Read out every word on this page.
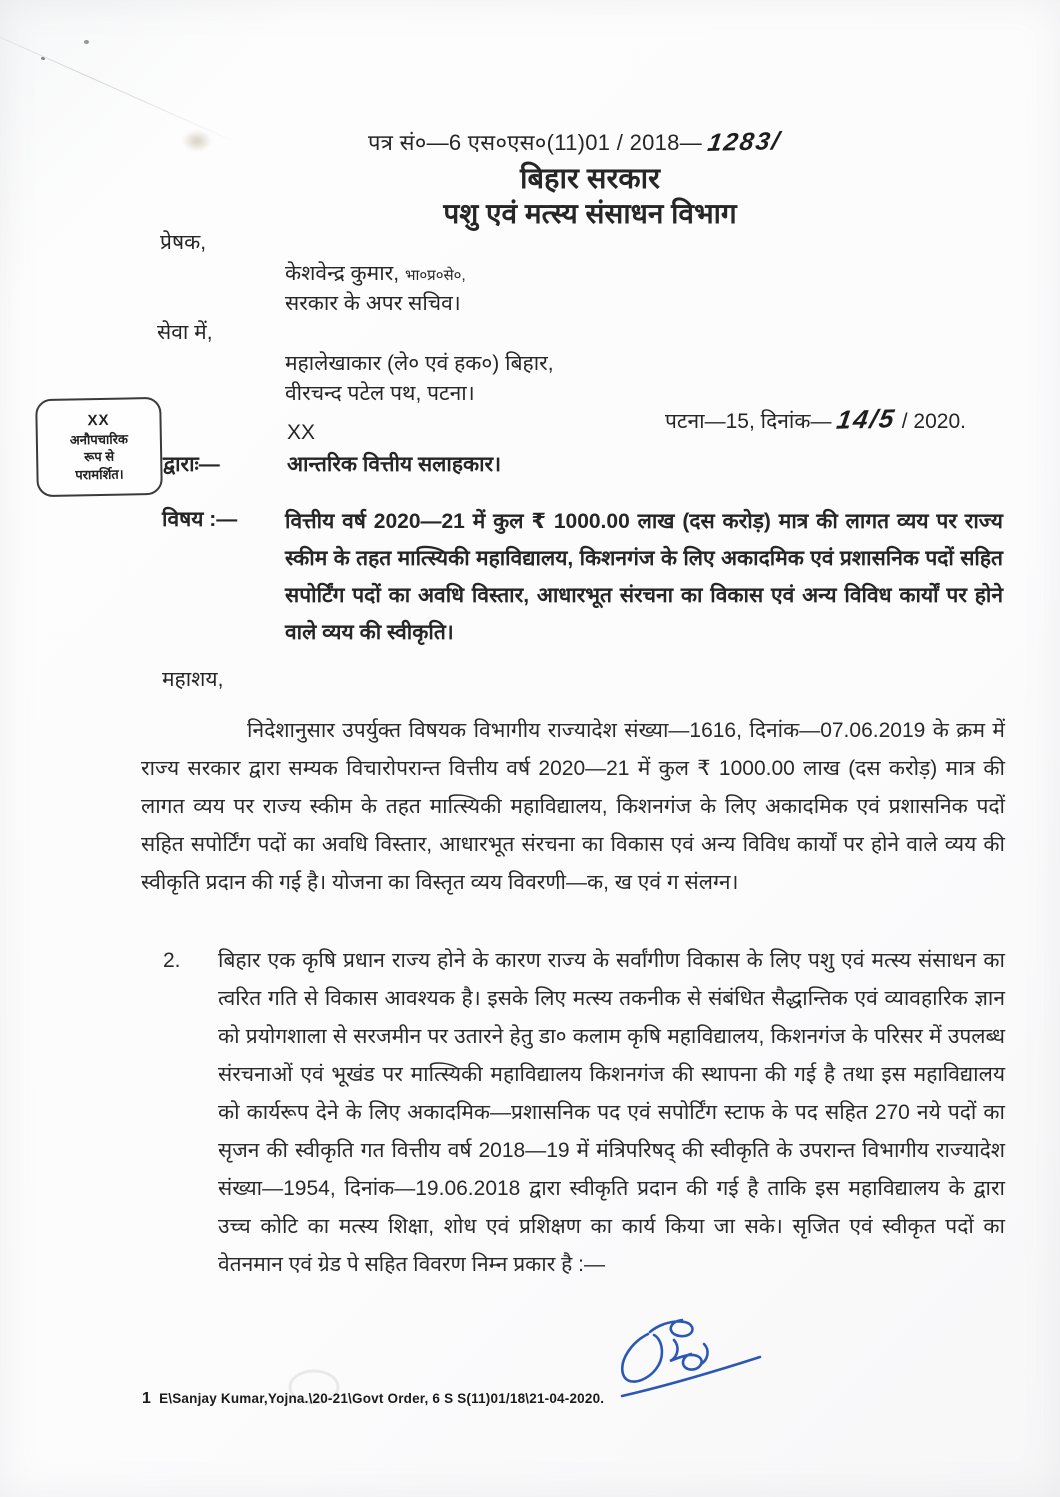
पत्र सं०—6 एस०एस०(11)01 / 2018— 1283/
बिहार सरकार
पशु एवं मत्स्य संसाधन विभाग
प्रेषक,
केशवेन्द्र कुमार, भा०प्र०से०,
सरकार के अपर सचिव।
सेवा में,
महालेखाकार (ले० एवं हक०) बिहार,
वीरचन्द पटेल पथ, पटना।
पटना—15, दिनांक— 14/5 / 2020.
XX
अनौपचारिक
रूप से
परामर्शित।
XX
द्वाराः—	आन्तरिक वित्तीय सलाहकार।
विषय :— वित्तीय वर्ष 2020—21 में कुल ₹ 1000.00 लाख (दस करोड़) मात्र की लागत व्यय पर राज्य स्कीम के तहत मात्स्यिकी महाविद्यालय, किशनगंज के लिए अकादमिक एवं प्रशासनिक पदों सहित सपोर्टिंग पदों का अवधि विस्तार, आधारभूत संरचना का विकास एवं अन्य विविध कार्यों पर होने वाले व्यय की स्वीकृति।
महाशय,
निदेशानुसार उपर्युक्त विषयक विभागीय राज्यादेश संख्या—1616, दिनांक—07.06.2019 के क्रम में राज्य सरकार द्वारा सम्यक विचारोपरान्त वित्तीय वर्ष 2020—21 में कुल ₹ 1000.00 लाख (दस करोड़) मात्र की लागत व्यय पर राज्य स्कीम के तहत मात्स्यिकी महाविद्यालय, किशनगंज के लिए अकादमिक एवं प्रशासनिक पदों सहित सपोर्टिंग पदों का अवधि विस्तार, आधारभूत संरचना का विकास एवं अन्य विविध कार्यों पर होने वाले व्यय की स्वीकृति प्रदान की गई है। योजना का विस्तृत व्यय विवरणी—क, ख एवं ग संलग्न।
2. बिहार एक कृषि प्रधान राज्य होने के कारण राज्य के सर्वांगीण विकास के लिए पशु एवं मत्स्य संसाधन का त्वरित गति से विकास आवश्यक है। इसके लिए मत्स्य तकनीक से संबंधित सैद्धान्तिक एवं व्यावहारिक ज्ञान को प्रयोगशाला से सरजमीन पर उतारने हेतु डा० कलाम कृषि महाविद्यालय, किशनगंज के परिसर में उपलब्ध संरचनाओं एवं भूखंड पर मात्स्यिकी महाविद्यालय किशनगंज की स्थापना की गई है तथा इस महाविद्यालय को कार्यरूप देने के लिए अकादमिक—प्रशासनिक पद एवं सपोर्टिंग स्टाफ के पद सहित 270 नये पदों का सृजन की स्वीकृति गत वित्तीय वर्ष 2018—19 में मंत्रिपरिषद् की स्वीकृति के उपरान्त विभागीय राज्यादेश संख्या—1954, दिनांक—19.06.2018 द्वारा स्वीकृति प्रदान की गई है ताकि इस महाविद्यालय के द्वारा उच्च कोटि का मत्स्य शिक्षा, शोध एवं प्रशिक्षण का कार्य किया जा सके। सृजित एवं स्वीकृत पदों का वेतनमान एवं ग्रेड पे सहित विवरण निम्न प्रकार है :—
1 E\Sanjay Kumar,Yojna.\20-21\Govt Order, 6 S S(11)01/18\21-04-2020.
